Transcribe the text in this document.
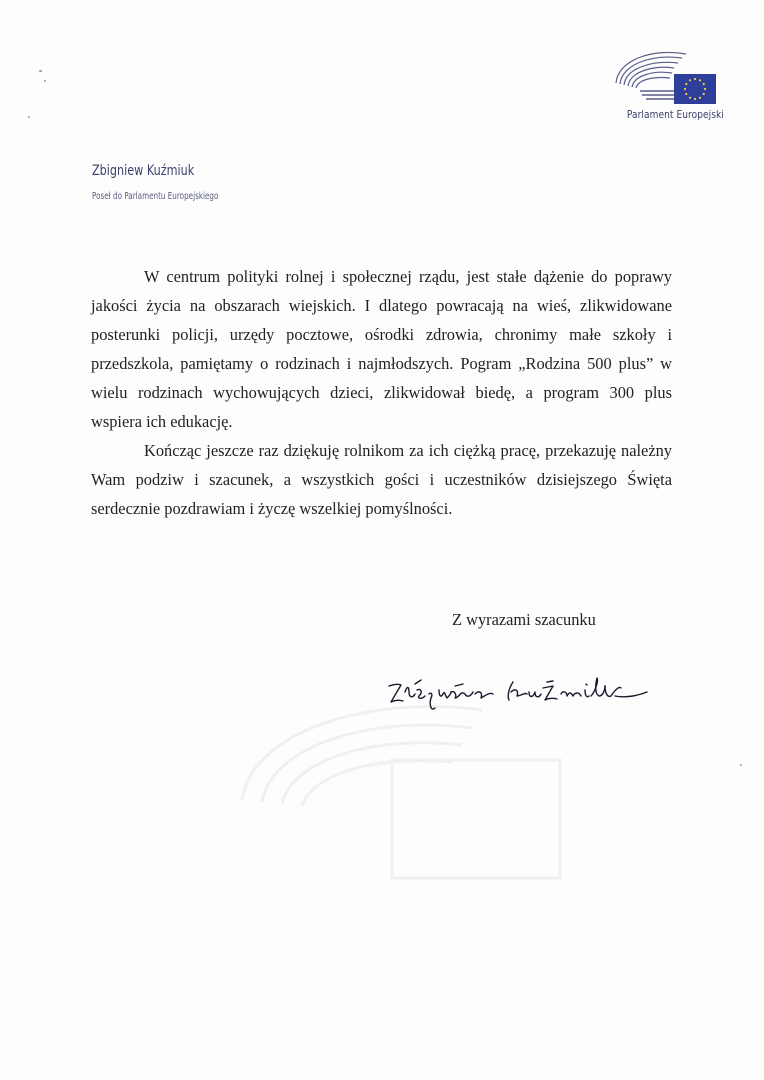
Parlament Europejski
Zbigniew Kuźmiuk
Poseł do Parlamentu Europejskiego
W centrum polityki rolnej i społecznej rządu, jest stałe dążenie do poprawy
jakości życia na obszarach wiejskich. I dlatego powracają na wieś, zlikwidowane
posterunki policji, urzędy pocztowe, ośrodki zdrowia, chronimy małe szkoły i
przedszkola, pamiętamy o rodzinach i najmłodszych. Pogram „Rodzina 500 plus” w
wielu rodzinach wychowujących dzieci, zlikwidował biedę, a program 300 plus
wspiera ich edukację.
Kończąc jeszcze raz dziękuję rolnikom za ich ciężką pracę, przekazuję należny
Wam podziw i szacunek, a wszystkich gości i uczestników dzisiejszego Święta
serdecznie pozdrawiam i życzę wszelkiej pomyślności.
Z wyrazami szacunku
